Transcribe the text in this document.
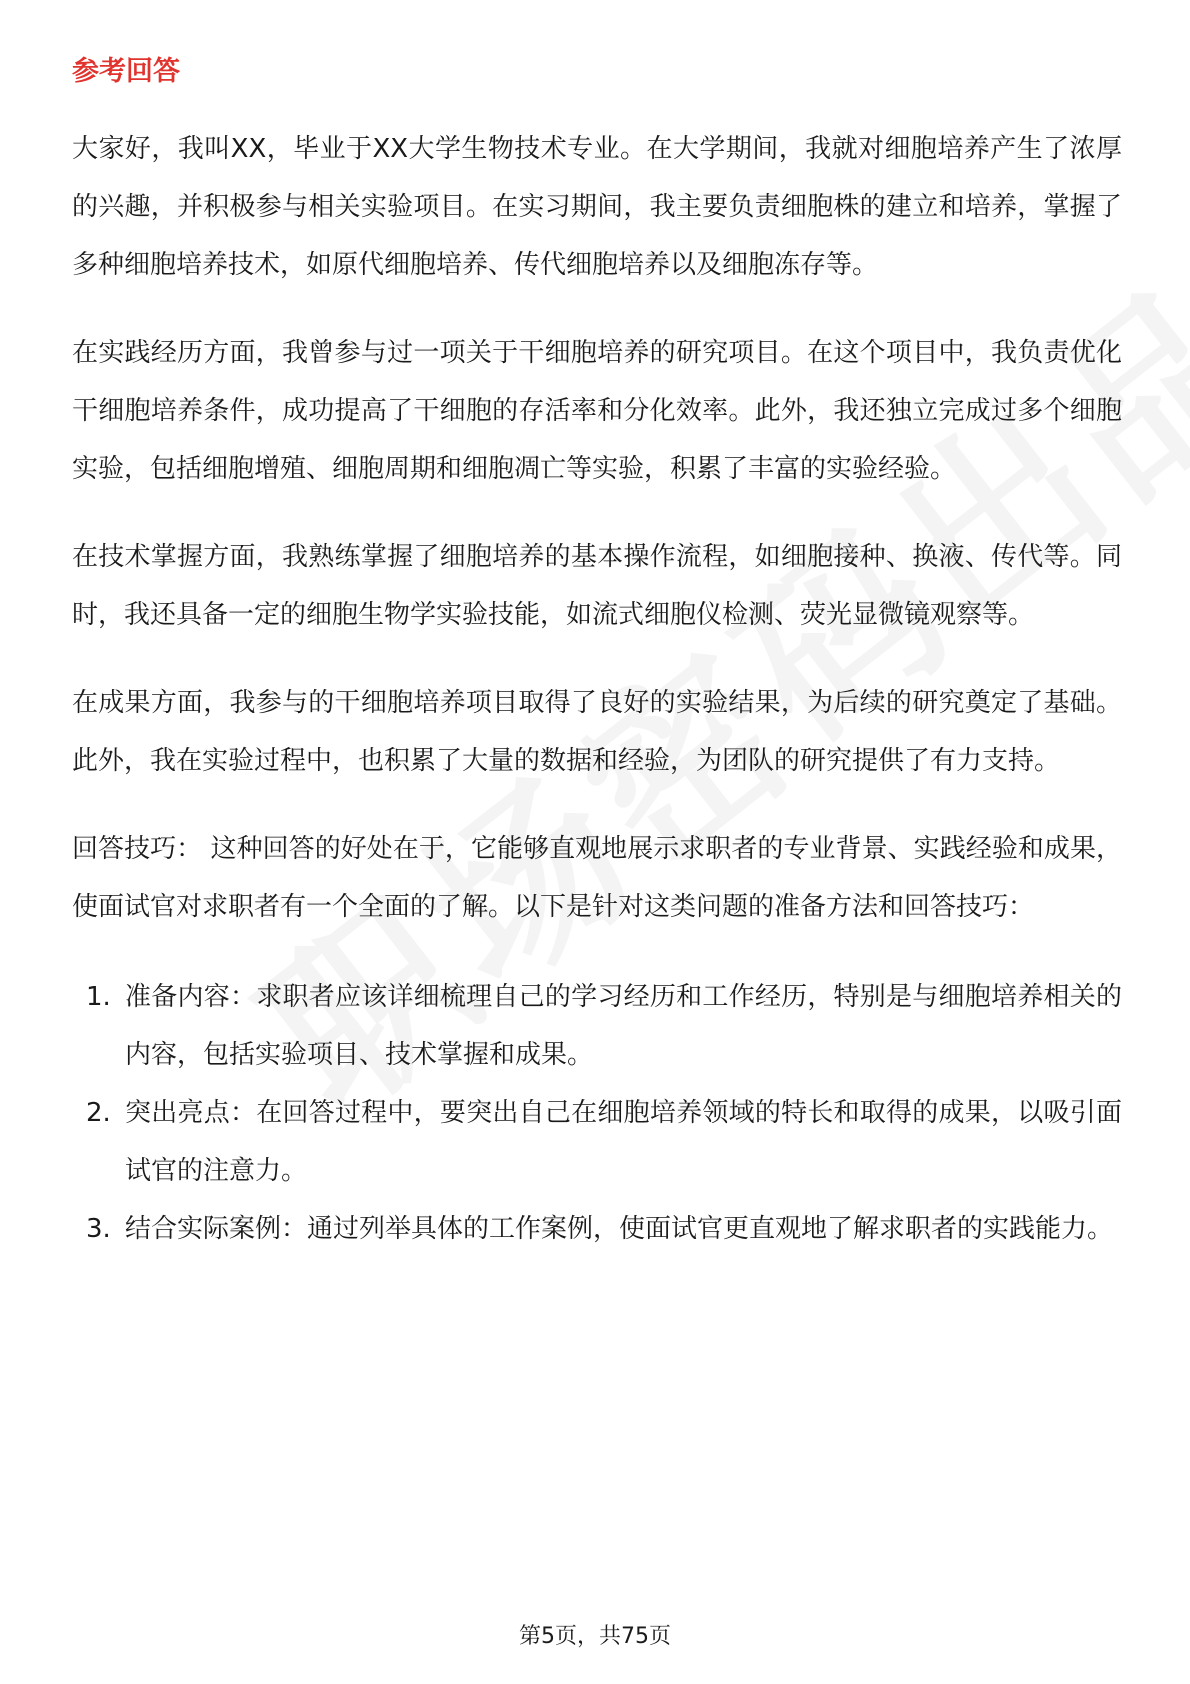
参考回答

大家好，我叫XX，毕业于XX大学生物技术专业。在大学期间，我就对细胞培养产生了浓厚的兴趣，并积极参与相关实验项目。在实习期间，我主要负责细胞株的建立和培养，掌握了多种细胞培养技术，如原代细胞培养、传代细胞培养以及细胞冻存等。

在实践经历方面，我曾参与过一项关于干细胞培养的研究项目。在这个项目中，我负责优化干细胞培养条件，成功提高了干细胞的存活率和分化效率。此外，我还独立完成过多个细胞实验，包括细胞增殖、细胞周期和细胞凋亡等实验，积累了丰富的实验经验。

在技术掌握方面，我熟练掌握了细胞培养的基本操作流程，如细胞接种、换液、传代等。同时，我还具备一定的细胞生物学实验技能，如流式细胞仪检测、荧光显微镜观察等。

在成果方面，我参与的干细胞培养项目取得了良好的实验结果，为后续的研究奠定了基础。此外，我在实验过程中，也积累了大量的数据和经验，为团队的研究提供了有力支持。

回答技巧： 这种回答的好处在于，它能够直观地展示求职者的专业背景、实践经验和成果，使面试官对求职者有一个全面的了解。以下是针对这类问题的准备方法和回答技巧：

1. 准备内容：求职者应该详细梳理自己的学习经历和工作经历，特别是与细胞培养相关的内容，包括实验项目、技术掌握和成果。
2. 突出亮点：在回答过程中，要突出自己在细胞培养领域的特长和取得的成果，以吸引面试官的注意力。
3. 结合实际案例：通过列举具体的工作案例，使面试官更直观地了解求职者的实践能力。
第5页，共75页
